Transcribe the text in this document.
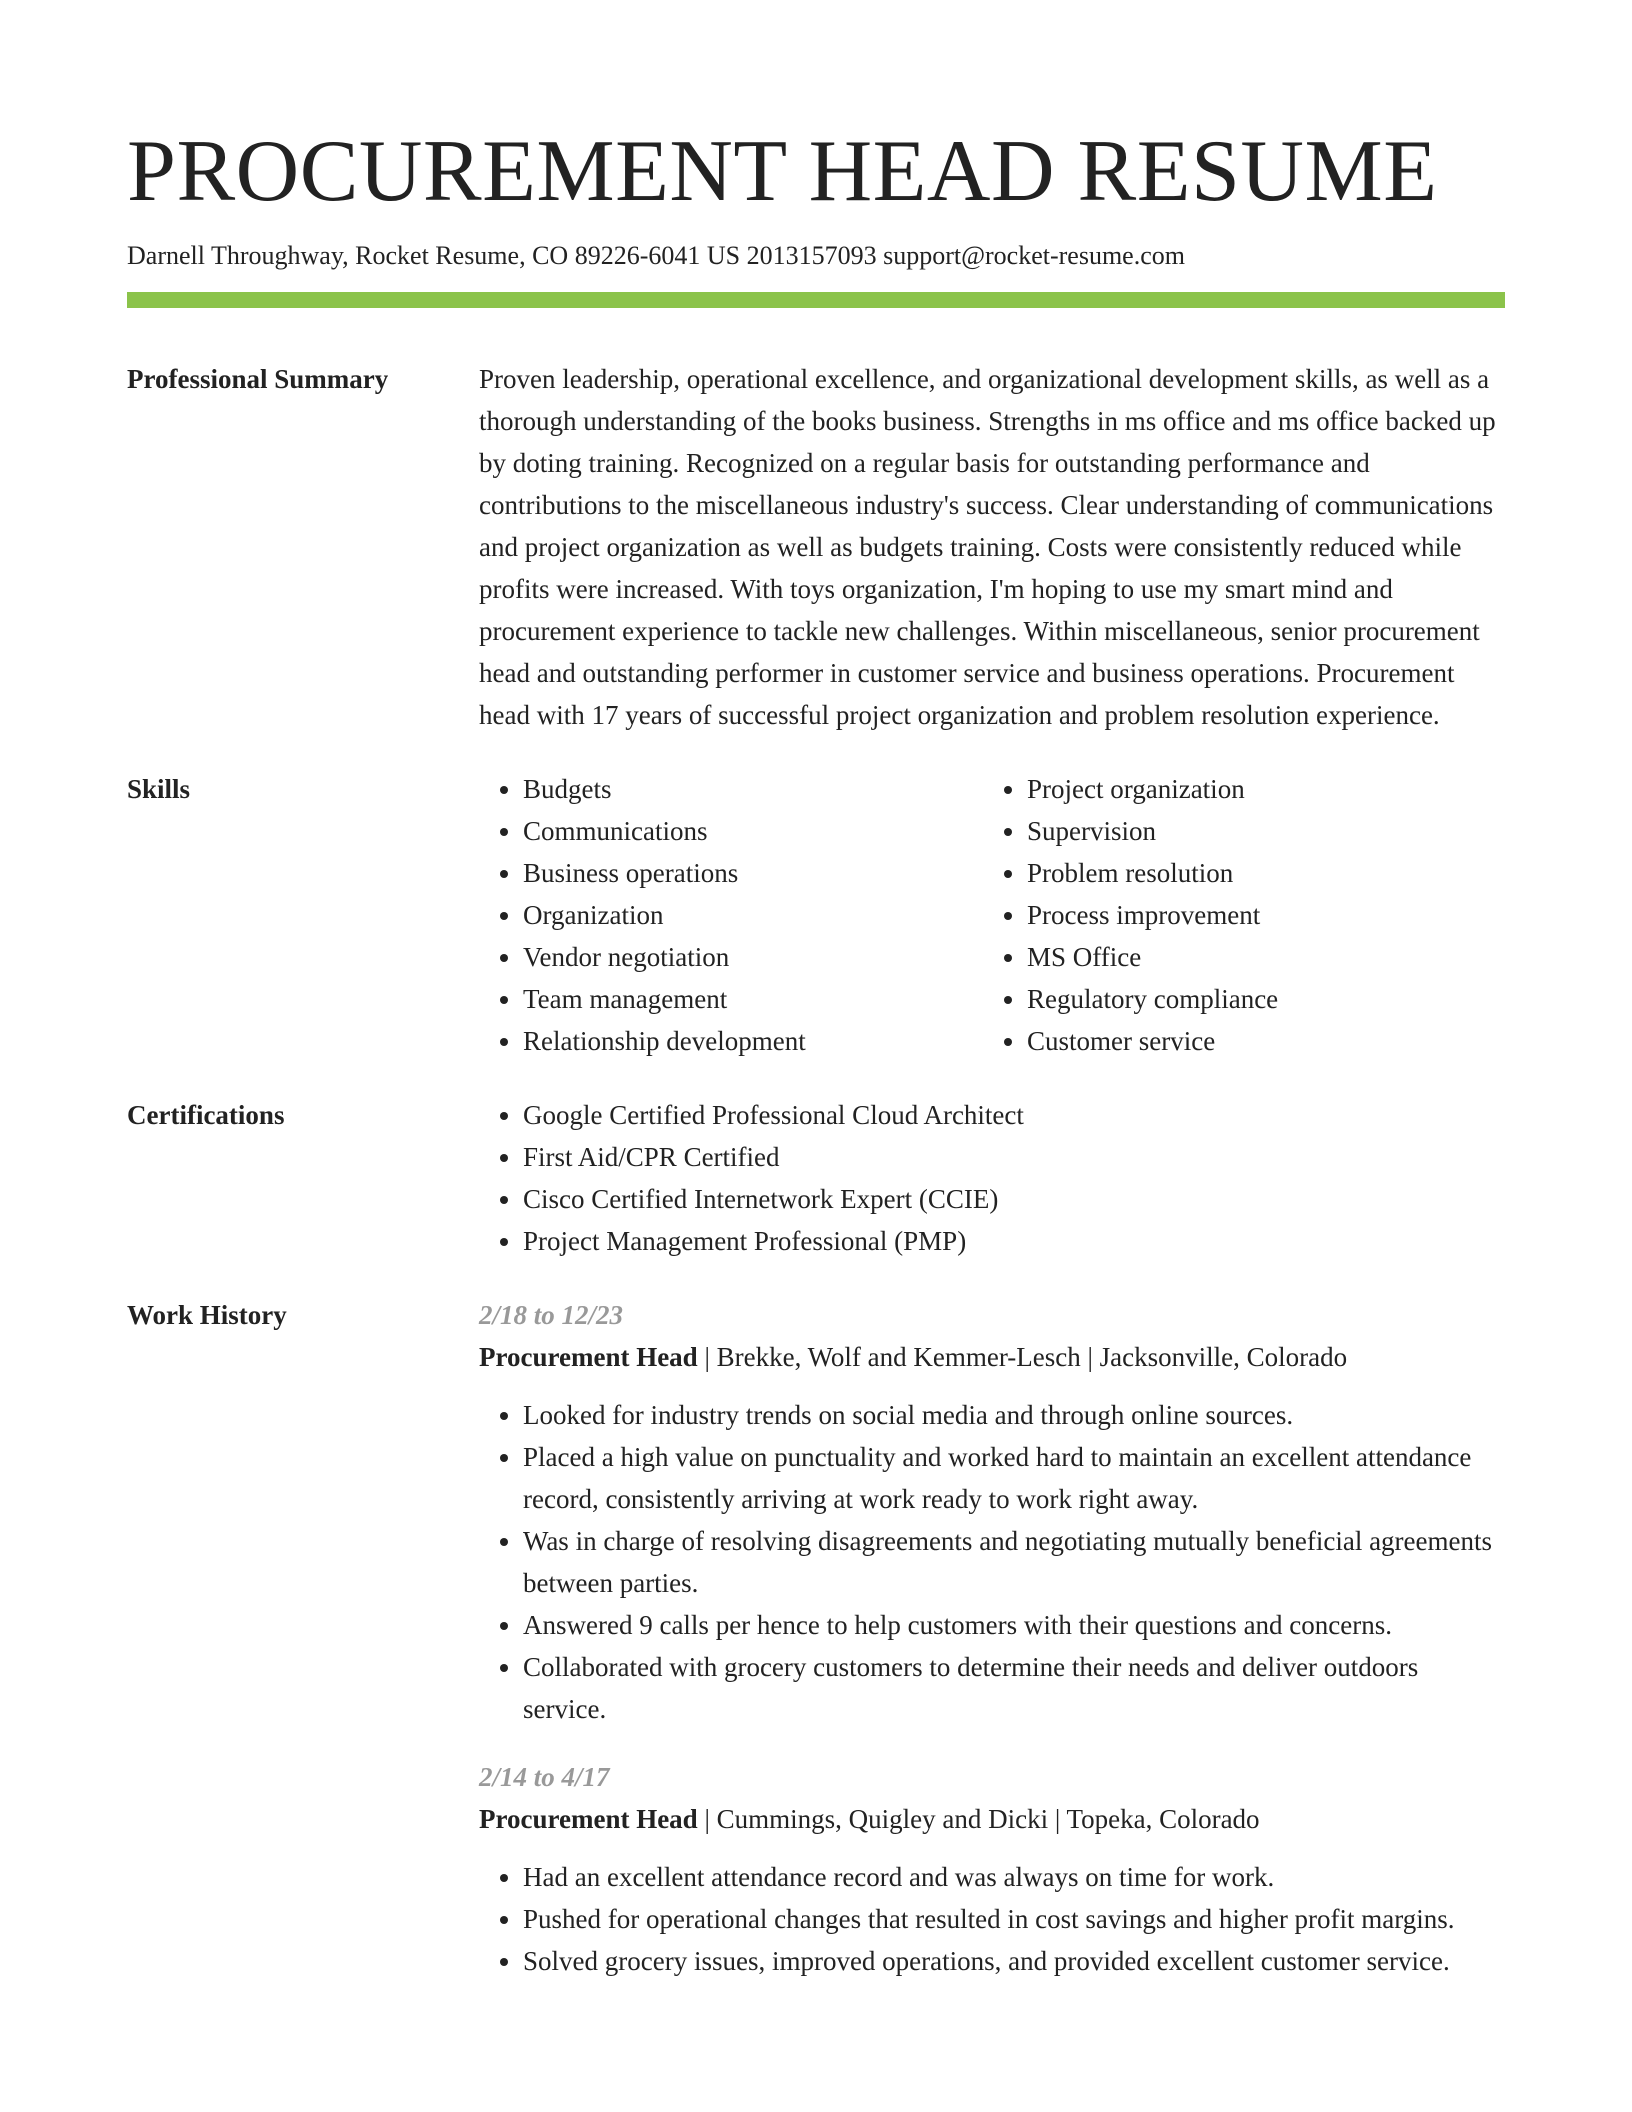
PROCUREMENT HEAD RESUME
Darnell Throughway, Rocket Resume, CO 89226-6041 US 2013157093 support@rocket-resume.com
Professional Summary	Proven leadership, operational excellence, and organizational development skills, as well as a thorough understanding of the books business. Strengths in ms office and ms office backed up by doting training. Recognized on a regular basis for outstanding performance and contributions to the miscellaneous industry's success. Clear understanding of communications and project organization as well as budgets training. Costs were consistently reduced while profits were increased. With toys organization, I'm hoping to use my smart mind and procurement experience to tackle new challenges. Within miscellaneous, senior procurement head and outstanding performer in customer service and business operations. Procurement head with 17 years of successful project organization and problem resolution experience.

Skills	• Budgets
• Communications
• Business operations
• Organization
• Vendor negotiation
• Team management
• Relationship development
• Project organization
• Supervision
• Problem resolution
• Process improvement
• MS Office
• Regulatory compliance
• Customer service
Certifications	• Google Certified Professional Cloud Architect
• First Aid/CPR Certified
• Cisco Certified Internetwork Expert (CCIE)
• Project Management Professional (PMP)
Work History	2/18 to 12/23
Procurement Head | Brekke, Wolf and Kemmer-Lesch | Jacksonville, Colorado
• Looked for industry trends on social media and through online sources.
• Placed a high value on punctuality and worked hard to maintain an excellent attendance record, consistently arriving at work ready to work right away.
• Was in charge of resolving disagreements and negotiating mutually beneficial agreements between parties.
• Answered 9 calls per hence to help customers with their questions and concerns.
• Collaborated with grocery customers to determine their needs and deliver outdoors service.
2/14 to 4/17
Procurement Head | Cummings, Quigley and Dicki | Topeka, Colorado
• Had an excellent attendance record and was always on time for work.
• Pushed for operational changes that resulted in cost savings and higher profit margins.
• Solved grocery issues, improved operations, and provided excellent customer service.
